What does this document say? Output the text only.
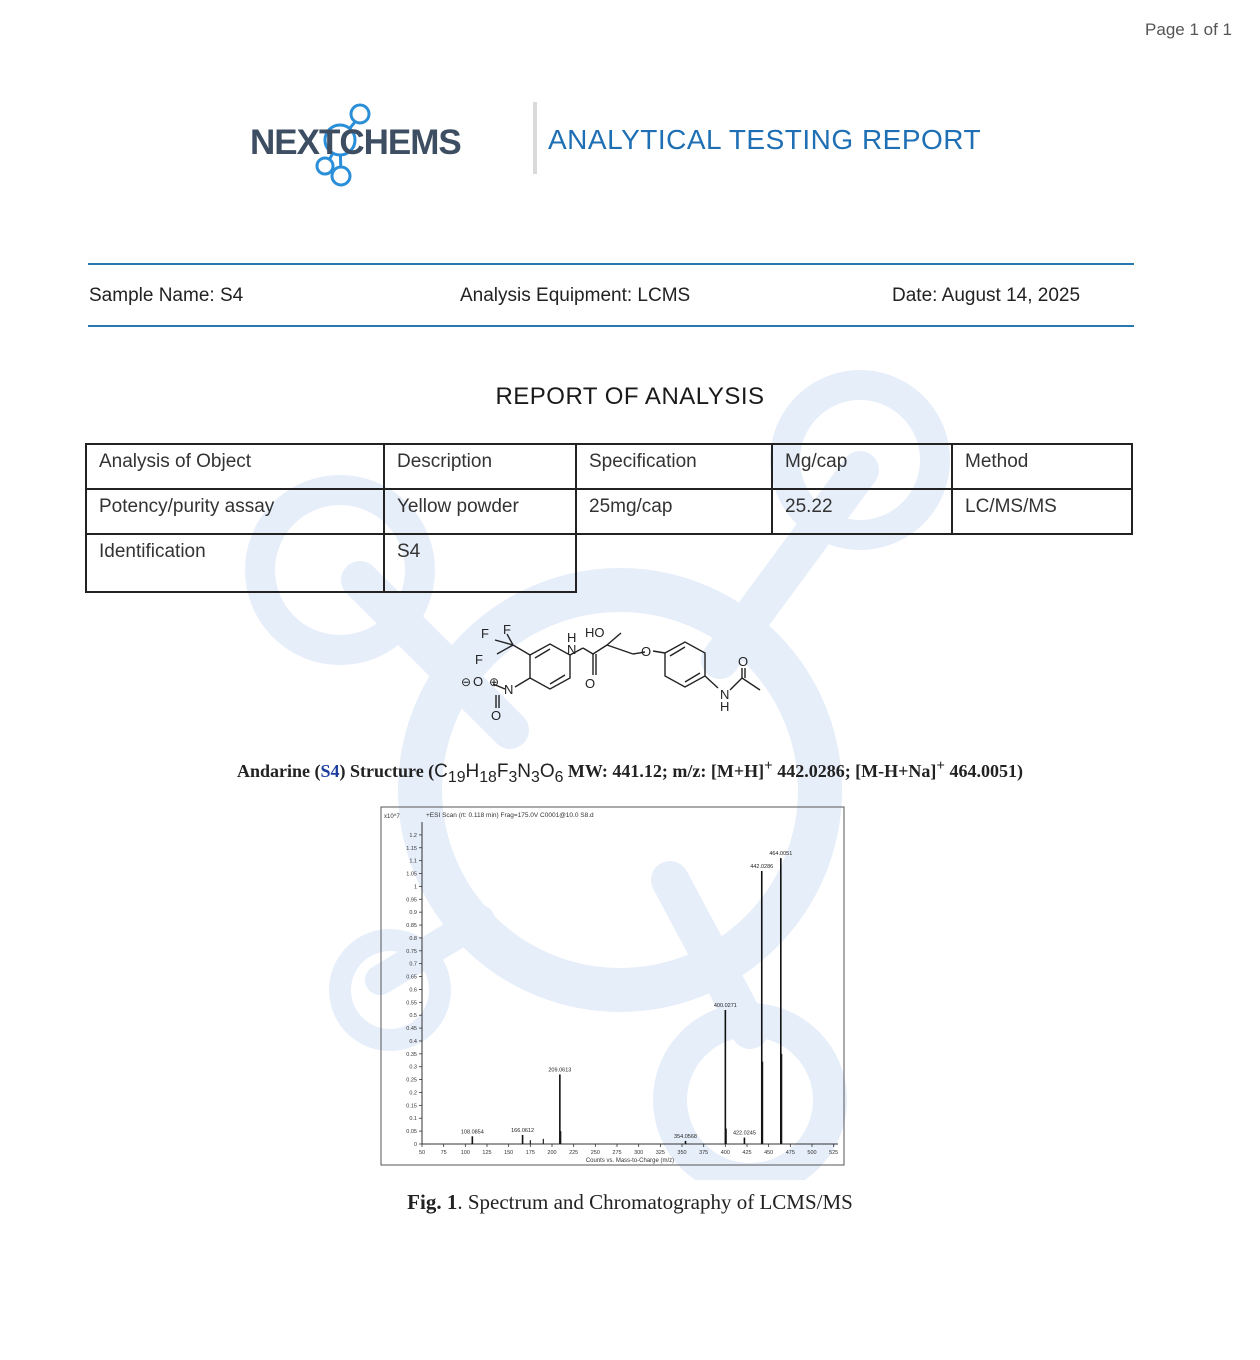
Page 1 of 1
NEXTCHEMS	ANALYTICAL TESTING REPORT
Sample Name: S4	Analysis Equipment: LCMS	Date: August 14, 2025
REPORT OF ANALYSIS
Analysis of Object	Description	Specification	Mg/cap	Method
Potency/purity assay	Yellow powder	25mg/cap	25.22	LC/MS/MS
Identification	S4			
F F
F
N
O
O
⊖ ⊕
H
N
O
HO
O
N
H
O
Andarine (S4) Structure ($C_{19}H_{18}F_3N_3O_6$ MW: 441.12; m/z: [M+H]+ 442.0286; [M-H+Na]+ 464.0051)
+ESI Scan (rt: 0.118 min) Frag=175.0V C0001@10.0 S8.d
x10^7
0
0.05
0.1
0.15
0.2
0.25
0.3
0.35
0.4
0.45
0.5
0.55
0.6
0.65
0.7
0.75
0.8
0.85
0.9
0.95
1
1.05
1.1
1.15
1.2
50	75	100 125 150 175 200 225 250 275 300 325 350 375 400 425 450 475 500 525
Counts vs. Mass-to-Charge (m/z)
108.0854	166.0612
209.0613
354.0568
400.0271
422.0245
442.0286
464.0051
Fig. 1. Spectrum and Chromatography of LCMS/MS
